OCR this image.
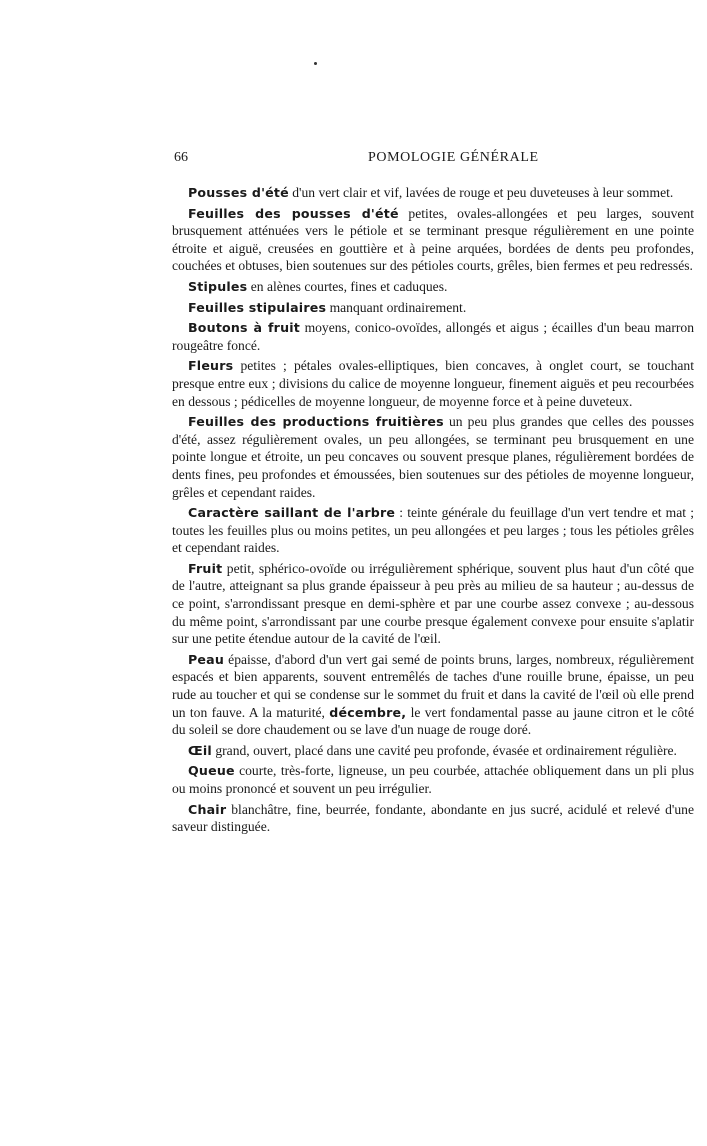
66	POMOLOGIE GÉNÉRALE

Pousses d'été d'un vert clair et vif, lavées de rouge et peu duveteuses à leur sommet.

Feuilles des pousses d'été petites, ovales-allongées et peu larges, souvent brusquement atténuées vers le pétiole et se terminant presque régulièrement en une pointe étroite et aiguë, creusées en gouttière et à peine arquées, bordées de dents peu profondes, couchées et obtuses, bien soutenues sur des pétioles courts, grêles, bien fermes et peu redressés.

Stipules en alènes courtes, fines et caduques.

Feuilles stipulaires manquant ordinairement.

Boutons à fruit moyens, conico-ovoïdes, allongés et aigus ; écailles d'un beau marron rougeâtre foncé.

Fleurs petites ; pétales ovales-elliptiques, bien concaves, à onglet court, se touchant presque entre eux ; divisions du calice de moyenne longueur, finement aiguës et peu recourbées en dessous ; pédicelles de moyenne longueur, de moyenne force et à peine duveteux.

Feuilles des productions fruitières un peu plus grandes que celles des pousses d'été, assez régulièrement ovales, un peu allongées, se terminant peu brusquement en une pointe longue et étroite, un peu concaves ou souvent presque planes, régulièrement bordées de dents fines, peu profondes et émoussées, bien soutenues sur des pétioles de moyenne longueur, grêles et cependant raides.

Caractère saillant de l'arbre : teinte générale du feuillage d'un vert tendre et mat ; toutes les feuilles plus ou moins petites, un peu allongées et peu larges ; tous les pétioles grêles et cependant raides.

Fruit petit, sphérico-ovoïde ou irrégulièrement sphérique, souvent plus haut d'un côté que de l'autre, atteignant sa plus grande épaisseur à peu près au milieu de sa hauteur ; au-dessus de ce point, s'arrondissant presque en demi-sphère et par une courbe assez convexe ; au-dessous du même point, s'arrondissant par une courbe presque également convexe pour ensuite s'aplatir sur une petite étendue autour de la cavité de l'œil.

Peau épaisse, d'abord d'un vert gai semé de points bruns, larges, nombreux, régulièrement espacés et bien apparents, souvent entremêlés de taches d'une rouille brune, épaisse, un peu rude au toucher et qui se condense sur le sommet du fruit et dans la cavité de l'œil où elle prend un ton fauve. A la maturité, décembre, le vert fondamental passe au jaune citron et le côté du soleil se dore chaudement ou se lave d'un nuage de rouge doré.

Œil grand, ouvert, placé dans une cavité peu profonde, évasée et ordinairement régulière.

Queue courte, très-forte, ligneuse, un peu courbée, attachée obliquement dans un pli plus ou moins prononcé et souvent un peu irrégulier.

Chair blanchâtre, fine, beurrée, fondante, abondante en jus sucré, acidulé et relevé d'une saveur distinguée.
